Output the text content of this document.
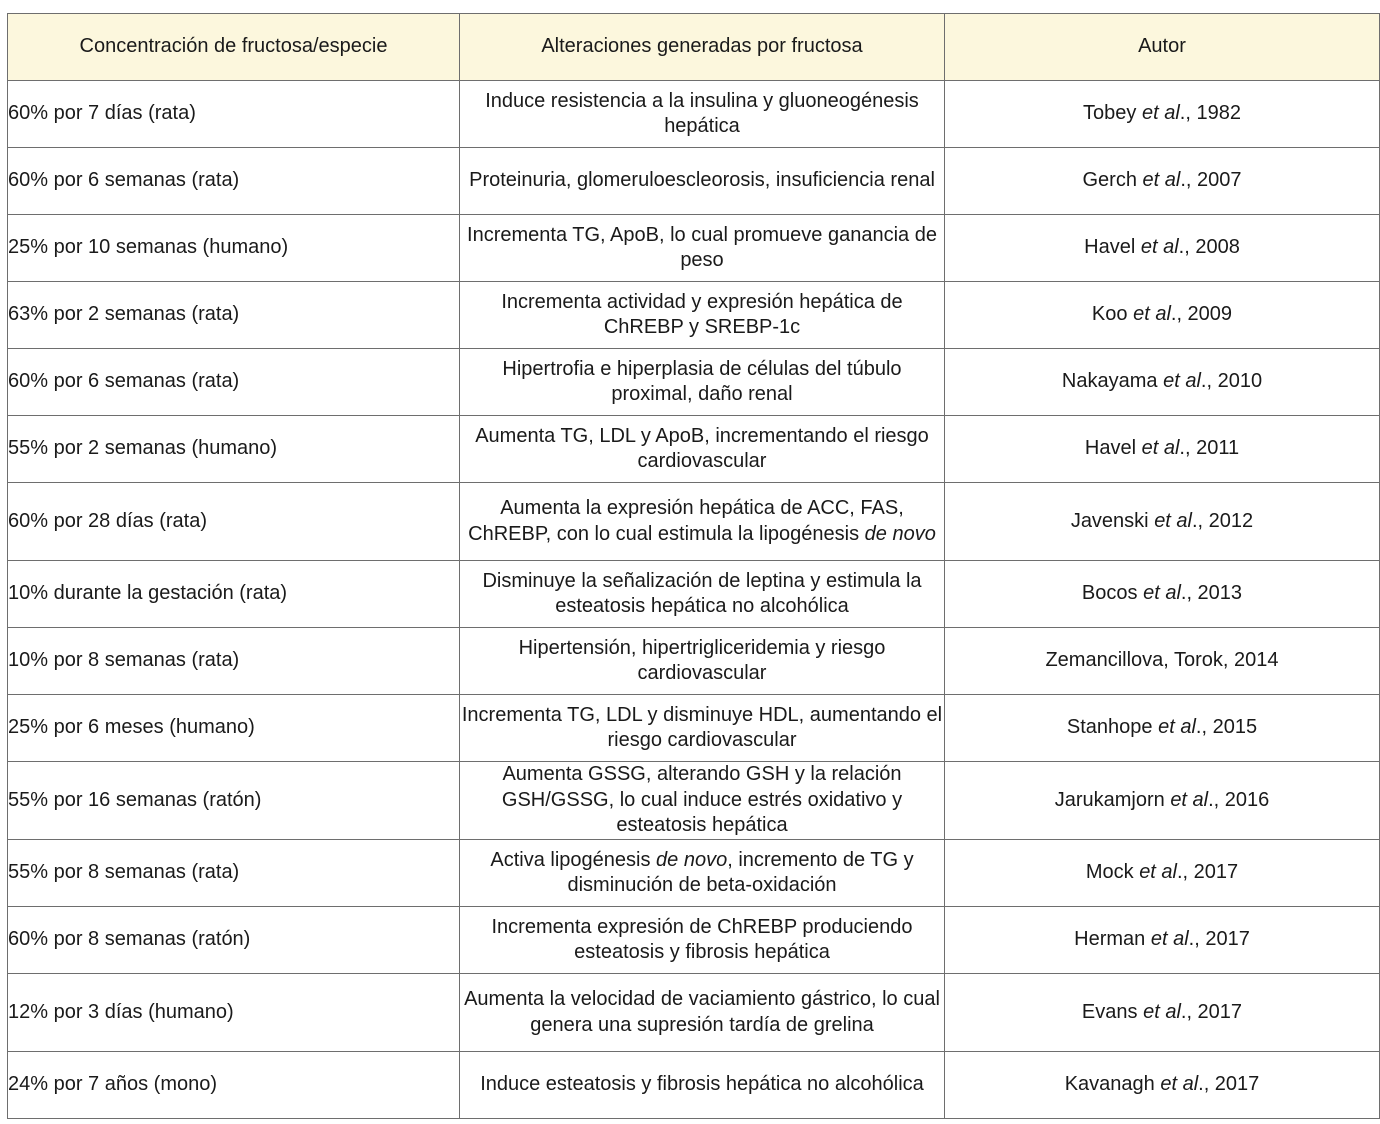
Concentración de fructosa/especie	Alteraciones generadas por fructosa	Autor
60% por 7 días (rata)	Induce resistencia a la insulina y gluoneogénesis hepática	Tobey et al., 1982
60% por 6 semanas (rata)	Proteinuria, glomeruloescleorosis, insuficiencia renal	Gerch et al., 2007
25% por 10 semanas (humano)	Incrementa TG, ApoB, lo cual promueve ganancia de peso	Havel et al., 2008
63% por 2 semanas (rata)	Incrementa actividad y expresión hepática de ChREBP y SREBP-1c	Koo et al., 2009
60% por 6 semanas (rata)	Hipertrofia e hiperplasia de células del túbulo proximal, daño renal	Nakayama et al., 2010
55% por 2 semanas (humano)	Aumenta TG, LDL y ApoB, incrementando el riesgo cardiovascular	Havel et al., 2011
60% por 28 días (rata)	Aumenta la expresión hepática de ACC, FAS, ChREBP, con lo cual estimula la lipogénesis de novo	Javenski et al., 2012
10% durante la gestación (rata)	Disminuye la señalización de leptina y estimula la esteatosis hepática no alcohólica	Bocos et al., 2013
10% por 8 semanas (rata)	Hipertensión, hipertrigliceridemia y riesgo cardiovascular	Zemancillova, Torok, 2014
25% por 6 meses (humano)	Incrementa TG, LDL y disminuye HDL, aumentando el riesgo cardiovascular	Stanhope et al., 2015
55% por 16 semanas (ratón)	Aumenta GSSG, alterando GSH y la relación GSH/GSSG, lo cual induce estrés oxidativo y esteatosis hepática	Jarukamjorn et al., 2016
55% por 8 semanas (rata)	Activa lipogénesis de novo, incremento de TG y disminución de beta-oxidación	Mock et al., 2017
60% por 8 semanas (ratón)	Incrementa expresión de ChREBP produciendo esteatosis y fibrosis hepática	Herman et al., 2017
12% por 3 días (humano)	Aumenta la velocidad de vaciamiento gástrico, lo cual genera una supresión tardía de grelina	Evans et al., 2017
24% por 7 años (mono)	Induce esteatosis y fibrosis hepática no alcohólica	Kavanagh et al., 2017
